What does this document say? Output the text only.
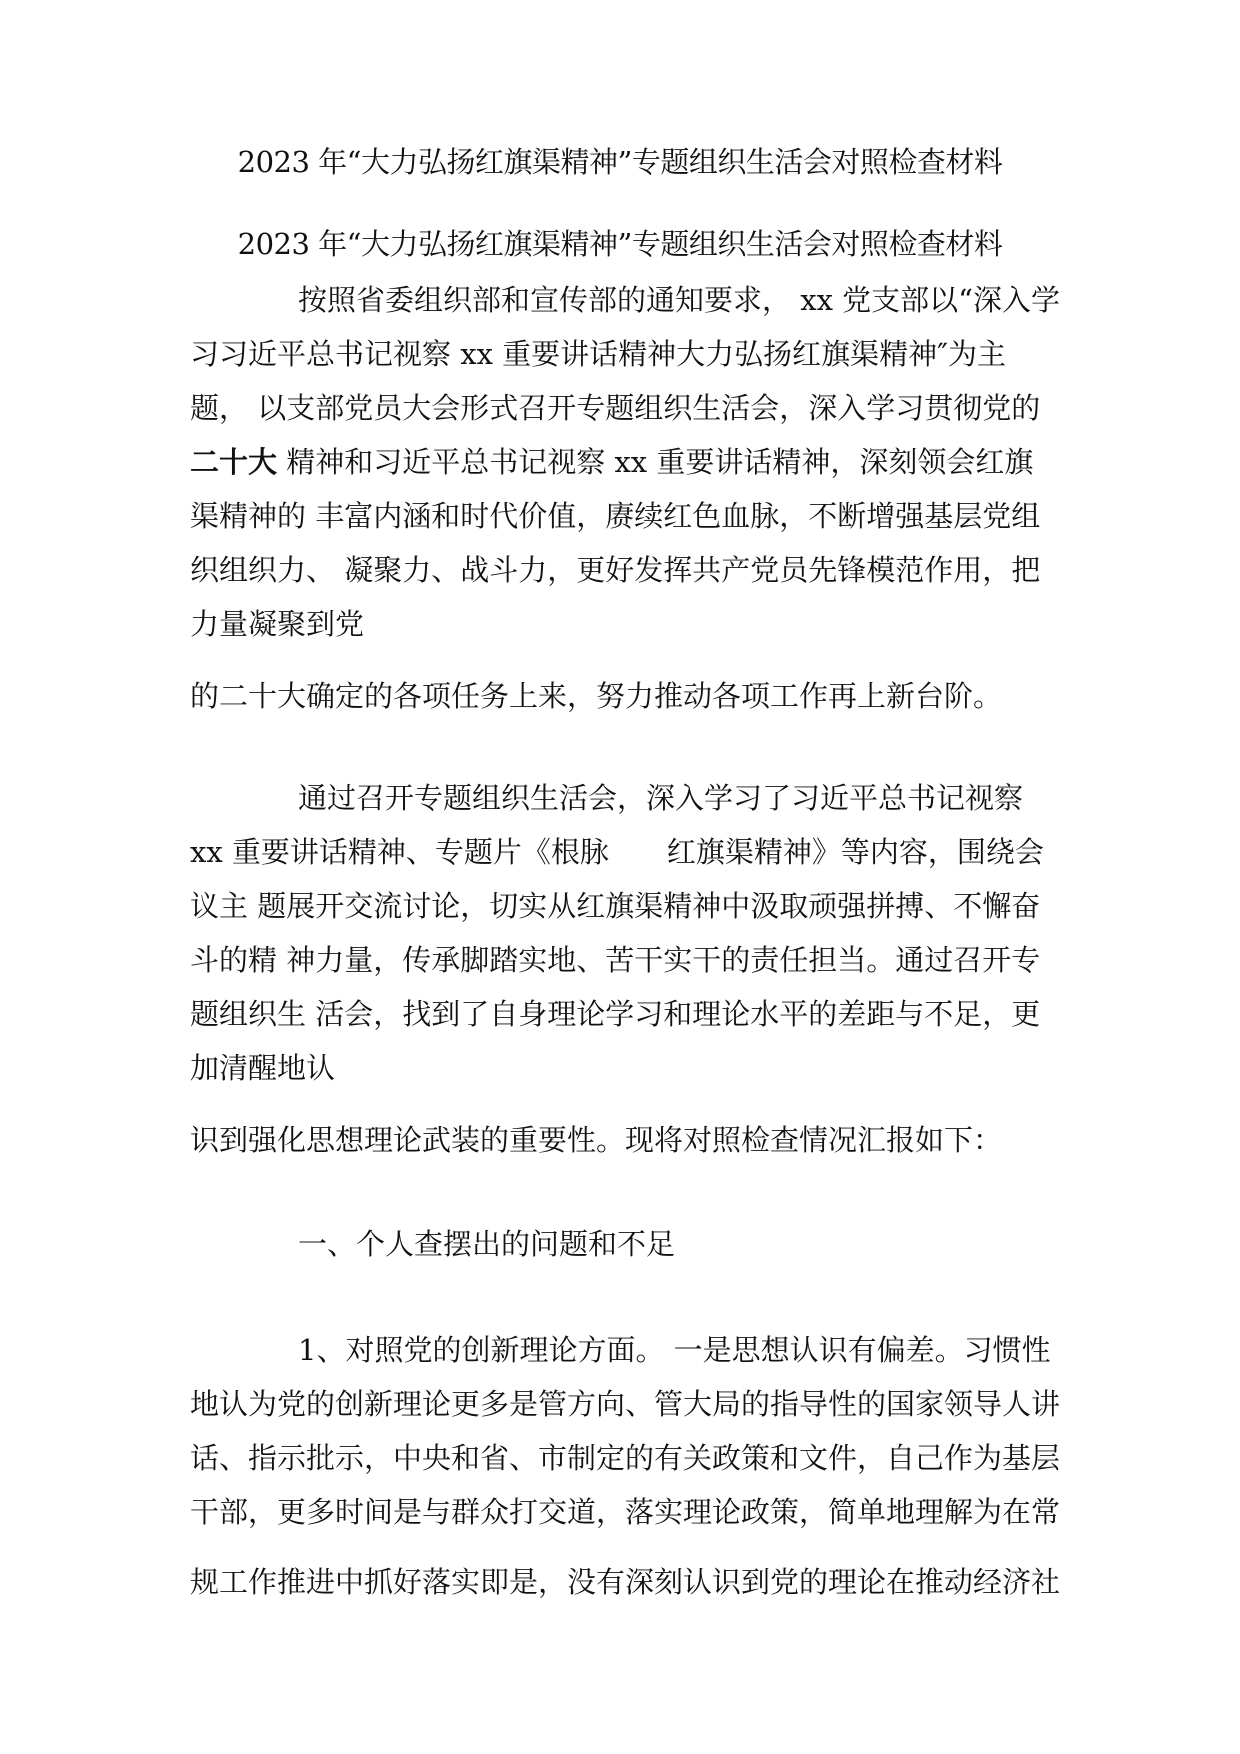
2023 年“大力弘扬红旗渠精神”专题组织生活会对照检查材料
2023 年“大力弘扬红旗渠精神”专题组织生活会对照检查材料
按照省委组织部和宣传部的通知要求， xx 党支部以“深入学
习习近平总书记视察 xx 重要讲话精神大力弘扬红旗渠精神″为主
题， 以支部党员大会形式召开专题组织生活会，深入学习贯彻党的
二十大 精神和习近平总书记视察 xx 重要讲话精神，深刻领会红旗
渠精神的 丰富内涵和时代价值，赓续红色血脉，不断增强基层党组
织组织力、 凝聚力、战斗力，更好发挥共产党员先锋模范作用，把
力量凝聚到党
的二十大确定的各项任务上来，努力推动各项工作再上新台阶。
通过召开专题组织生活会，深入学习了习近平总书记视察
xx 重要讲话精神、专题片《根脉　　红旗渠精神》等内容，围绕会
议主 题展开交流讨论，切实从红旗渠精神中汲取顽强拼搏、不懈奋
斗的精 神力量，传承脚踏实地、苦干实干的责任担当。通过召开专
题组织生 活会，找到了自身理论学习和理论水平的差距与不足，更
加清醒地认
识到强化思想理论武装的重要性。现将对照检查情况汇报如下：
一、个人查摆出的问题和不足
1、对照党的创新理论方面。 一是思想认识有偏差。习惯性
地认为党的创新理论更多是管方向、管大局的指导性的国家领导人讲
话、指示批示，中央和省、市制定的有关政策和文件，自己作为基层
干部，更多时间是与群众打交道，落实理论政策，简单地理解为在常
规工作推进中抓好落实即是，没有深刻认识到党的理论在推动经济社
